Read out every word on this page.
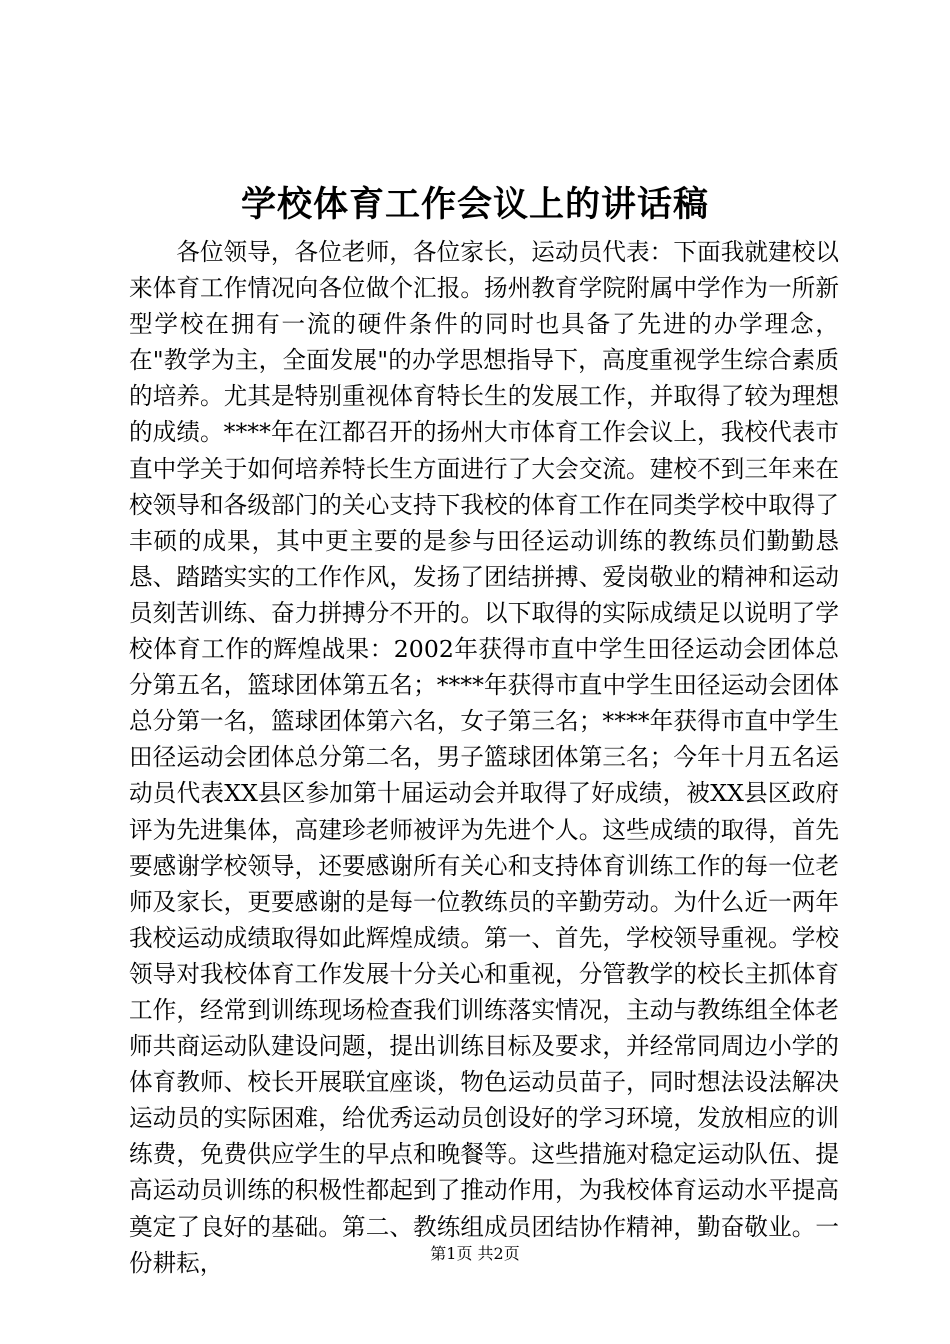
学校体育工作会议上的讲话稿

各位领导，各位老师，各位家长，运动员代表：下面我就建校以来体育工作情况向各位做个汇报。扬州教育学院附属中学作为一所新型学校在拥有一流的硬件条件的同时也具备了先进的办学理念，在"教学为主，全面发展"的办学思想指导下，高度重视学生综合素质的培养。尤其是特别重视体育特长生的发展工作，并取得了较为理想的成绩。****年在江都召开的扬州大市体育工作会议上，我校代表市直中学关于如何培养特长生方面进行了大会交流。建校不到三年来在校领导和各级部门的关心支持下我校的体育工作在同类学校中取得了丰硕的成果，其中更主要的是参与田径运动训练的教练员们勤勤恳恳、踏踏实实的工作作风，发扬了团结拼搏、爱岗敬业的精神和运动员刻苦训练、奋力拼搏分不开的。以下取得的实际成绩足以说明了学校体育工作的辉煌战果：2002年获得市直中学生田径运动会团体总分第五名，篮球团体第五名；****年获得市直中学生田径运动会团体总分第一名，篮球团体第六名，女子第三名；****年获得市直中学生田径运动会团体总分第二名，男子篮球团体第三名；今年十月五名运动员代表XX县区参加第十届运动会并取得了好成绩，被XX县区政府评为先进集体，高建珍老师被评为先进个人。这些成绩的取得，首先要感谢学校领导，还要感谢所有关心和支持体育训练工作的每一位老师及家长，更要感谢的是每一位教练员的辛勤劳动。为什么近一两年我校运动成绩取得如此辉煌成绩。第一、首先，学校领导重视。学校领导对我校体育工作发展十分关心和重视，分管教学的校长主抓体育工作，经常到训练现场检查我们训练落实情况，主动与教练组全体老师共商运动队建设问题，提出训练目标及要求，并经常同周边小学的体育教师、校长开展联宜座谈，物色运动员苗子，同时想法设法解决运动员的实际困难，给优秀运动员创设好的学习环境，发放相应的训练费，免费供应学生的早点和晚餐等。这些措施对稳定运动队伍、提高运动员训练的积极性都起到了推动作用，为我校体育运动水平提高奠定了良好的基础。第二、教练组成员团结协作精神，勤奋敬业。一份耕耘，	第1页 共2页
